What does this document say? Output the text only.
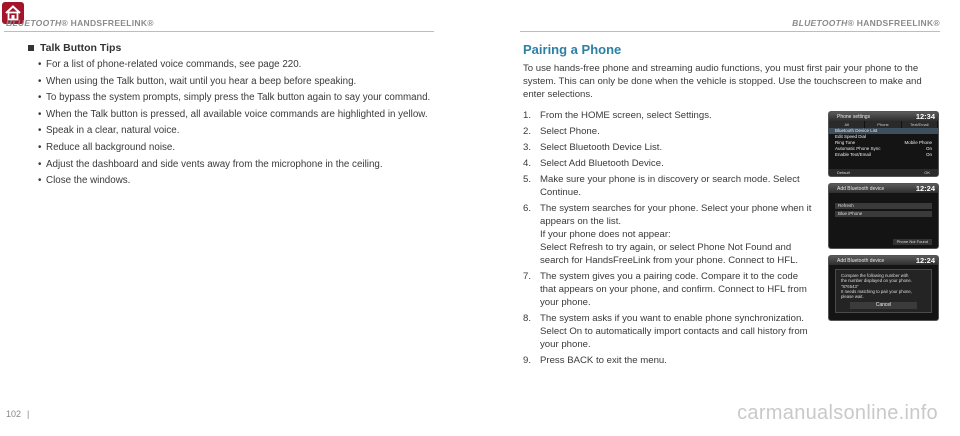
BLUETOOTH® HANDSFREELINK®	BLUETOOTH® HANDSFREELINK®
Talk Button Tips
• For a list of phone-related voice commands, see page 220.
• When using the Talk button, wait until you hear a beep before speaking.
• To bypass the system prompts, simply press the Talk button again to say your command.
• When the Talk button is pressed, all available voice commands are highlighted in yellow.
• Speak in a clear, natural voice.
• Reduce all background noise.
• Adjust the dashboard and side vents away from the microphone in the ceiling.
• Close the windows.
Pairing a Phone

To use hands-free phone and streaming audio functions, you must first pair your phone to the system. This can only be done when the vehicle is stopped. Use the touchscreen to make and enter selections.

1. From the HOME screen, select Settings.
2. Select Phone.
3. Select Bluetooth Device List.
4. Select Add Bluetooth Device.
5. Make sure your phone is in discovery or search mode. Select Continue.
6. The system searches for your phone. Select your phone when it appears on the list.
If your phone does not appear:
Select Refresh to try again, or select Phone Not Found and search for HandsFreeLink from your phone. Connect to HFL.
7. The system gives you a pairing code. Compare it to the code that appears on your phone, and confirm. Connect to HFL from your phone.
8. The system asks if you want to enable phone synchronization. Select On to automatically import contacts and call history from your phone.
9. Press BACK to exit the menu.
Phone settings	12:34
All	Phone	Text/Email
Bluetooth Device List
Edit Speed Dial
Ring Tone	Mobile Phone
Automatic Phone Sync	On
Enable Text/Email	On
Default	OK
Add Bluetooth device	12:24
Refresh
Blue iPhone
Phone Not Found
Add Bluetooth device	12:24
Compare the following number with
the number displayed on your phone.
"876543"
It needs matching to pair your phone,
please wait.
Cancel
102 |	carmanualsonline.info
